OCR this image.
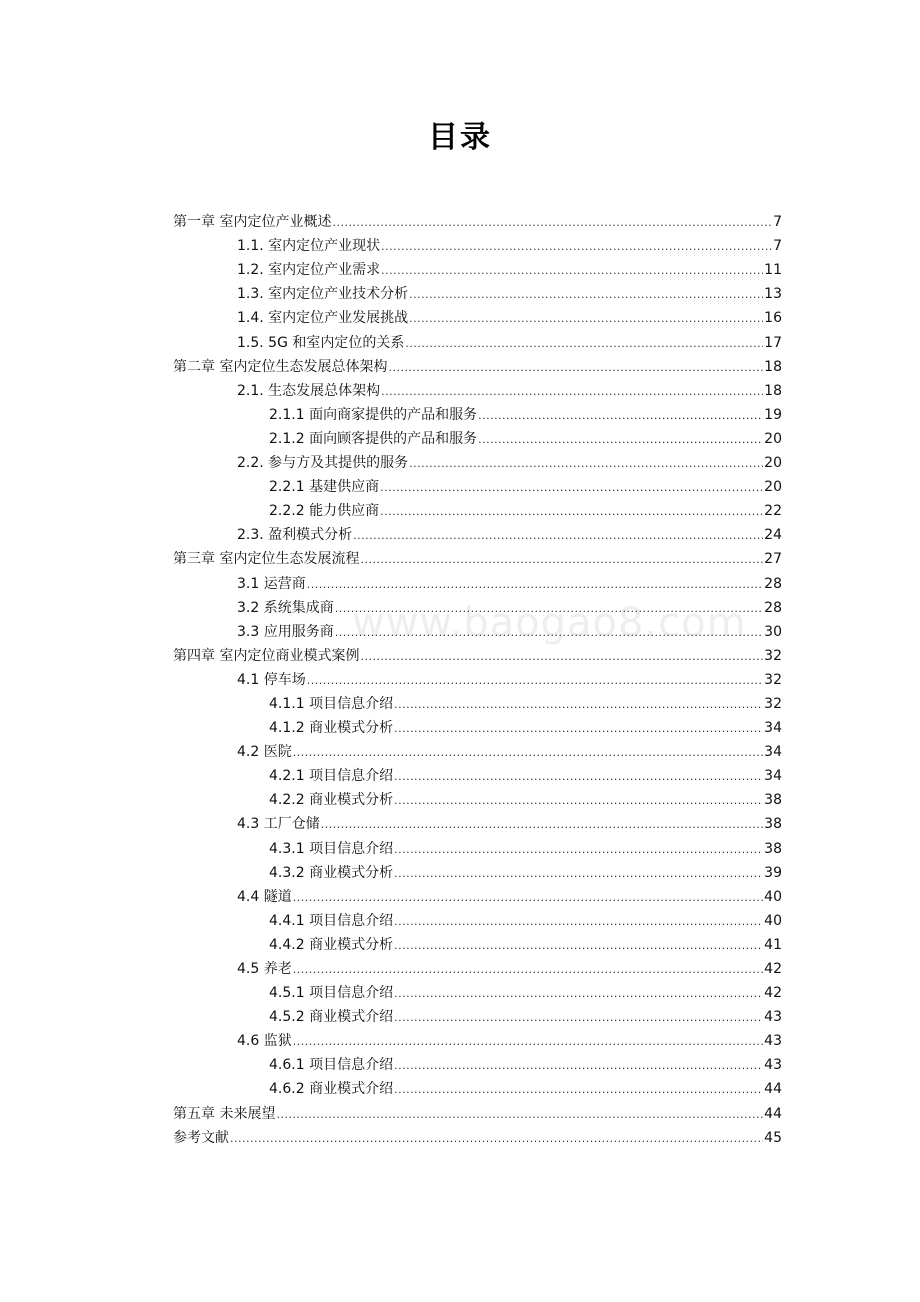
www.baogao8.com
目录
第一章 室内定位产业概述 .....	7
1.1. 室内定位产业现状 .....	7
1.2. 室内定位产业需求 .....	11
1.3. 室内定位产业技术分析 .....	13
1.4. 室内定位产业发展挑战 .....	16
1.5. 5G 和室内定位的关系 .....	17
第二章 室内定位生态发展总体架构 .....	18
2.1. 生态发展总体架构 .....	18
2.1.1 面向商家提供的产品和服务 .....	19
2.1.2 面向顾客提供的产品和服务 .....	20
2.2. 参与方及其提供的服务 .....	20
2.2.1 基建供应商 .....	20
2.2.2 能力供应商 .....	22
2.3. 盈利模式分析 .....	24
第三章 室内定位生态发展流程 .....	27
3.1 运营商 .....	28
3.2 系统集成商 .....	28
3.3 应用服务商 .....	30
第四章 室内定位商业模式案例 .....	32
4.1 停车场 .....	32
4.1.1 项目信息介绍 .....	32
4.1.2 商业模式分析 .....	34
4.2 医院 .....	34
4.2.1 项目信息介绍 .....	34
4.2.2 商业模式分析 .....	38
4.3 工厂仓储 .....	38
4.3.1 项目信息介绍 .....	38
4.3.2 商业模式分析 .....	39
4.4 隧道 .....	40
4.4.1 项目信息介绍 .....	40
4.4.2 商业模式分析 .....	41
4.5 养老 .....	42
4.5.1 项目信息介绍 .....	42
4.5.2 商业模式介绍 .....	43
4.6 监狱 .....	43
4.6.1 项目信息介绍 .....	43
4.6.2 商业模式介绍 .....	44
第五章 未来展望 .....	44
参考文献 .....	45
